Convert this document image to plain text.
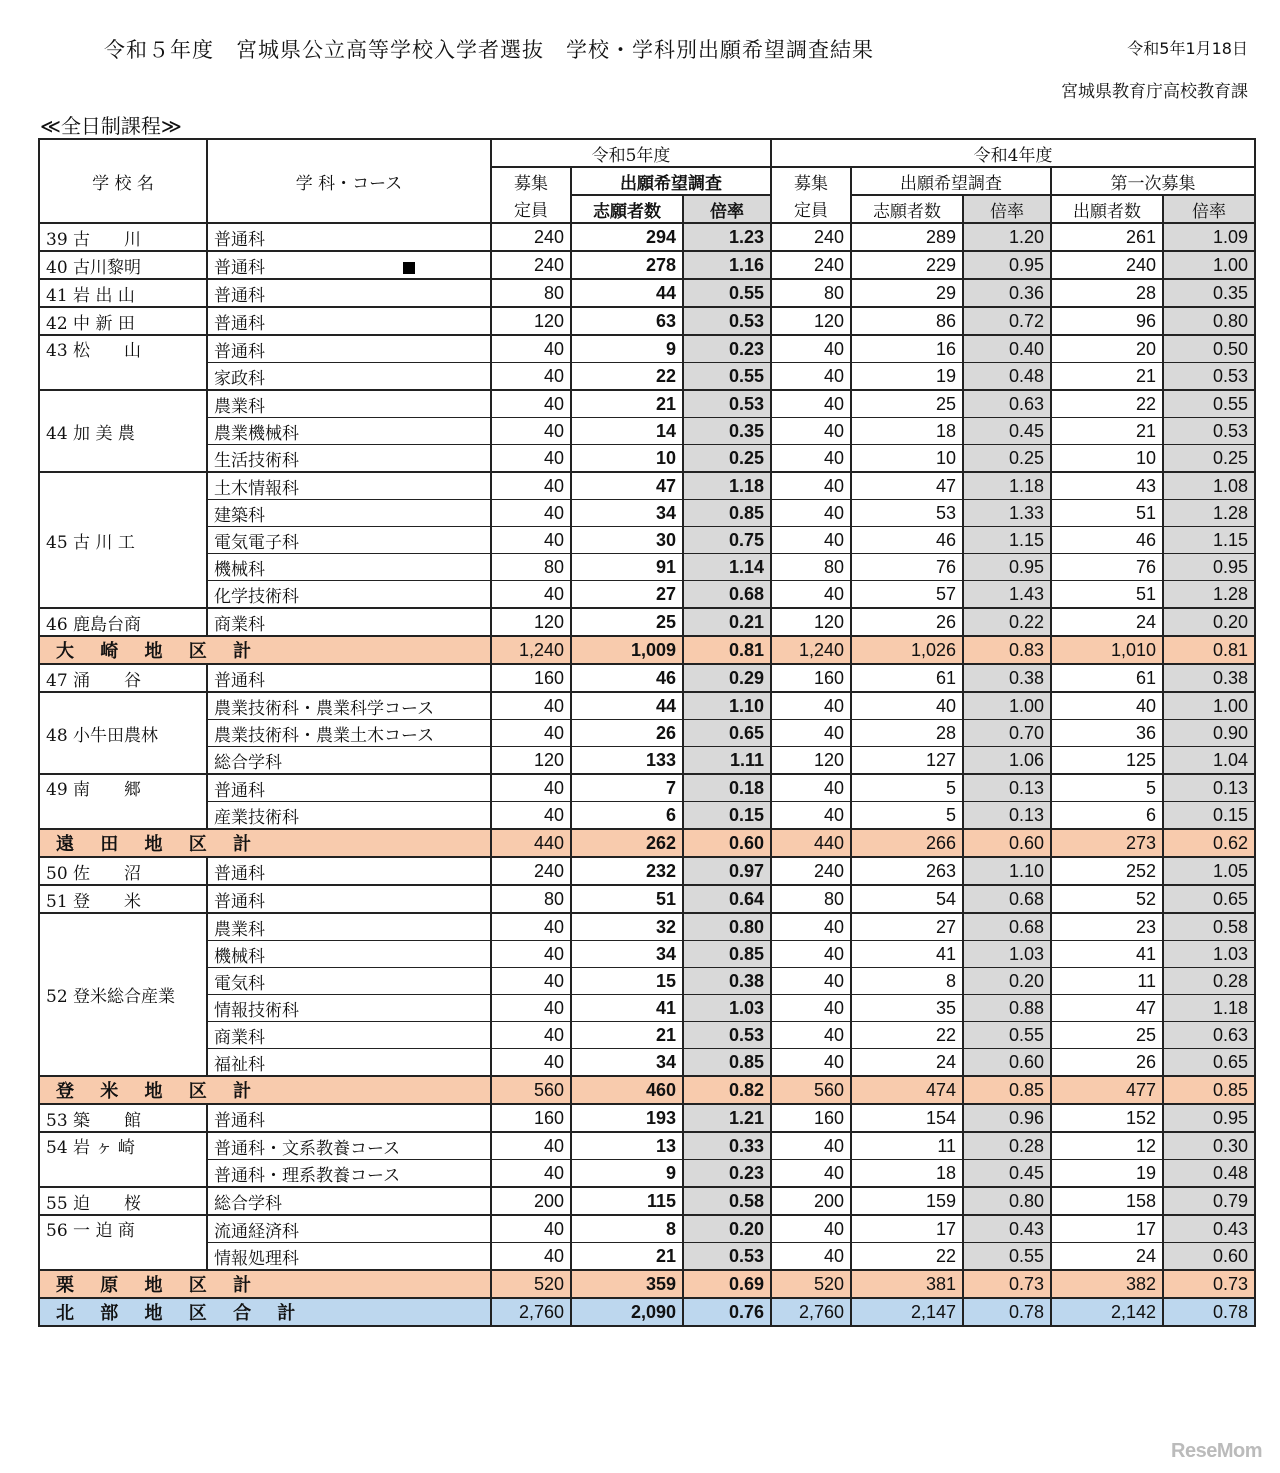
令和５年度　宮城県公立高等学校入学者選抜　学校・学科別出願希望調査結果	令和5年1月18日
宮城県教育庁高校教育課
≪全日制課程≫
学 校 名	学 科・コース	令和5年度			令和4年度				
		募集	出願希望調査		募集	出願希望調査		第一次募集	
		定員	志願者数	倍率	定員	志願者数	倍率	出願者数	倍率
39 古　　川	普通科	240	294	1.23	240	289	1.20	261	1.09
40 古川黎明	普通科	240	278	1.16	240	229	0.95	240	1.00
41 岩 出 山	普通科	80	44	0.55	80	29	0.36	28	0.35
42 中 新 田	普通科	120	63	0.53	120	86	0.72	96	0.80
43 松　　山	普通科	40	9	0.23	40	16	0.40	20	0.50
	家政科	40	22	0.55	40	19	0.48	21	0.53
44 加 美 農	農業科	40	21	0.53	40	25	0.63	22	0.55
	農業機械科	40	14	0.35	40	18	0.45	21	0.53
	生活技術科	40	10	0.25	40	10	0.25	10	0.25
45 古 川 工	土木情報科	40	47	1.18	40	47	1.18	43	1.08
	建築科	40	34	0.85	40	53	1.33	51	1.28
	電気電子科	40	30	0.75	40	46	1.15	46	1.15
	機械科	80	91	1.14	80	76	0.95	76	0.95
	化学技術科	40	27	0.68	40	57	1.43	51	1.28
46 鹿島台商	商業科	120	25	0.21	120	26	0.22	24	0.20
大 崎 地 区 計		1,240	1,009	0.81	1,240	1,026	0.83	1,010	0.81
47 涌　　谷	普通科	160	46	0.29	160	61	0.38	61	0.38
48 小牛田農林	農業技術科・農業科学コース	40	44	1.10	40	40	1.00	40	1.00
	農業技術科・農業土木コース	40	26	0.65	40	28	0.70	36	0.90
	総合学科	120	133	1.11	120	127	1.06	125	1.04
49 南　　郷	普通科	40	7	0.18	40	5	0.13	5	0.13
	産業技術科	40	6	0.15	40	5	0.13	6	0.15
遠 田 地 区 計		440	262	0.60	440	266	0.60	273	0.62
50 佐　　沼	普通科	240	232	0.97	240	263	1.10	252	1.05
51 登　　米	普通科	80	51	0.64	80	54	0.68	52	0.65
52 登米総合産業	農業科	40	32	0.80	40	27	0.68	23	0.58
	機械科	40	34	0.85	40	41	1.03	41	1.03
	電気科	40	15	0.38	40	8	0.20	11	0.28
	情報技術科	40	41	1.03	40	35	0.88	47	1.18
	商業科	40	21	0.53	40	22	0.55	25	0.63
	福祉科	40	34	0.85	40	24	0.60	26	0.65
登 米 地 区 計		560	460	0.82	560	474	0.85	477	0.85
53 築　　館	普通科	160	193	1.21	160	154	0.96	152	0.95
54 岩 ヶ 崎	普通科・文系教養コース	40	13	0.33	40	11	0.28	12	0.30
	普通科・理系教養コース	40	9	0.23	40	18	0.45	19	0.48
55 迫　　桜	総合学科	200	115	0.58	200	159	0.80	158	0.79
56 一 迫 商	流通経済科	40	8	0.20	40	17	0.43	17	0.43
	情報処理科	40	21	0.53	40	22	0.55	24	0.60
栗 原 地 区 計		520	359	0.69	520	381	0.73	382	0.73
北 部 地 区 合 計		2,760	2,090	0.76	2,760	2,147	0.78	2,142	0.78
ReseMom
